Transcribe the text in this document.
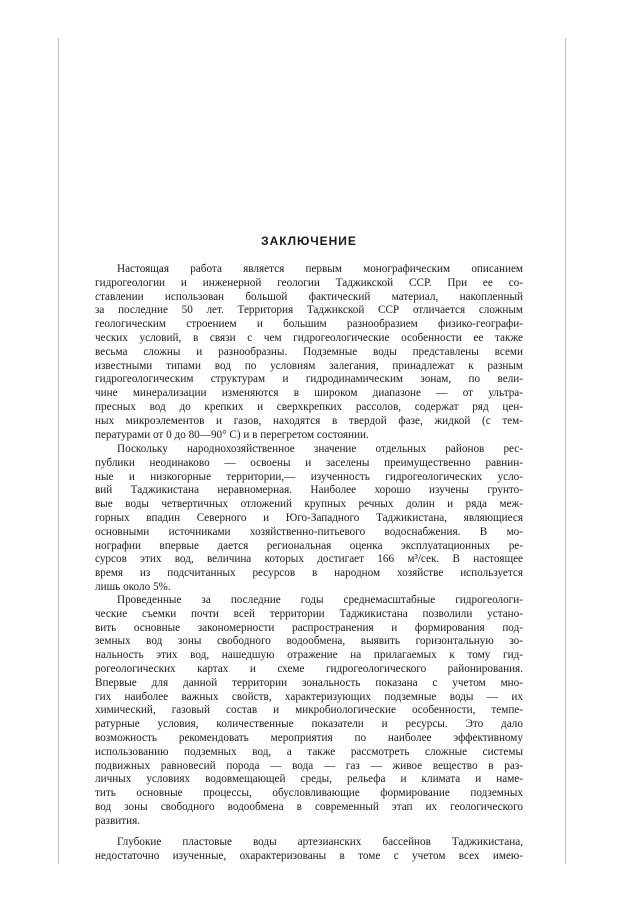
ЗАКЛЮЧЕНИЕ
Настоящая работа является первым монографическим описанием
гидрогеологии и инженерной геологии Таджикской ССР. При ее со-
ставлении использован большой фактический материал, накопленный
за последние 50 лет. Территория Таджикской ССР отличается сложным
геологическим строением и большим разнообразием физико-географи-
ческих условий, в связи с чем гидрогеологические особенности ее также
весьма сложны и разнообразны. Подземные воды представлены всеми
известными типами вод по условиям залегания, принадлежат к разным
гидрогеологическим структурам и гидродинамическим зонам, по вели-
чине минерализации изменяются в широком диапазоне — от ультра-
пресных вод до крепких и сверхкрепких рассолов, содержат ряд цен-
ных микроэлементов и газов, находятся в твердой фазе, жидкой (с тем-
пературами от 0 до 80—90° С) и в перегретом состоянии.
Поскольку народнохозяйственное значение отдельных районов рес-
публики неодинаково — освоены и заселены преимущественно равнин-
ные и низкогорные территории,— изученность гидрогеологических усло-
вий Таджикистана неравномерная. Наиболее хорошо изучены грунто-
вые воды четвертичных отложений крупных речных долин и ряда меж-
горных впадин Северного и Юго-Западного Таджикистана, являющиеся
основными источниками хозяйственно-питьевого водоснабжения. В мо-
нографии впервые дается региональная оценка эксплуатационных ре-
сурсов этих вод, величина которых достигает 166 м³/сек. В настоящее
время из подсчитанных ресурсов в народном хозяйстве используется
лишь около 5%.
Проведенные за последние годы среднемасштабные гидрогеологи-
ческие съемки почти всей территории Таджикистана позволили устано-
вить основные закономерности распространения и формирования под-
земных вод зоны свободного водообмена, выявить горизонтальную зо-
нальность этих вод, нашедшую отражение на прилагаемых к тому гид-
рогеологических картах и схеме гидрогеологического районирования.
Впервые для данной территории зональность показана с учетом мно-
гих наиболее важных свойств, характеризующих подземные воды — их
химический, газовый состав и микробиологические особенности, темпе-
ратурные условия, количественные показатели и ресурсы. Это дало
возможность рекомендовать мероприятия по наиболее эффективному
использованию подземных вод, а также рассмотреть сложные системы
подвижных равновесий порода — вода — газ — живое вещество в раз-
личных условиях водовмещающей среды, рельефа и климата и наме-
тить основные процессы, обусловливающие формирование подземных
вод зоны свободного водообмена в современный этап их геологического
развития.
Глубокие пластовые воды артезианских бассейнов Таджикистана,
недостаточно изученные, охарактеризованы в томе с учетом всех имею-
